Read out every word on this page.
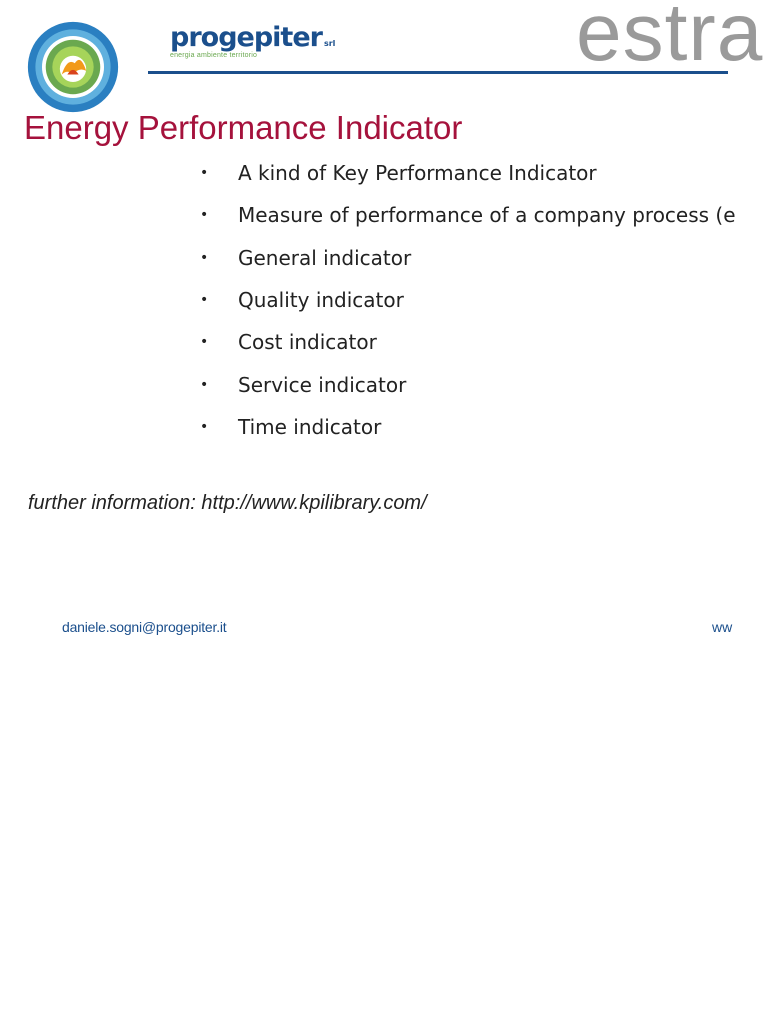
progepiter srl
energia ambiente territorio	estra
Energy Performance Indicator
•	A kind of Key Performance Indicator
•	Measure of performance of a company process (e
•	General indicator
•	Quality indicator
•	Cost indicator
•	Service indicator
•	Time indicator
further information: http://www.kpilibrary.com/
daniele.sogni@progepiter.it	ww
